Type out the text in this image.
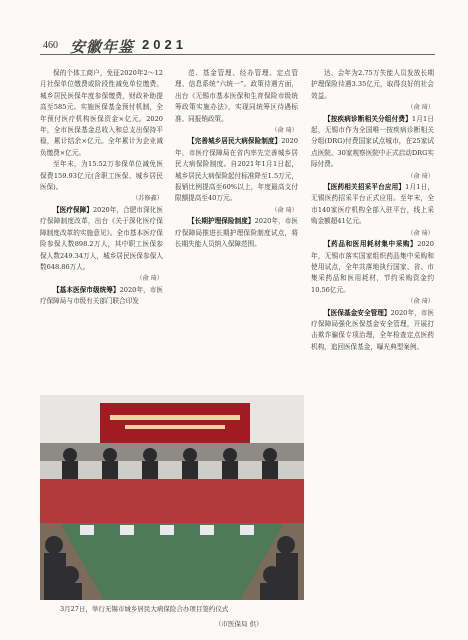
460 安徽年鉴 2021

保的个体工商户，免征2020年2～12月社保单位缴费或阶段性减免单位缴费。城乡居民医保年度参保缴费，财政补助提高至585元。实施医保基金预付机制，全年预付医疗机构医保资金×亿元。2020年，全市医保基金总收入和总支出保持平稳，累计结余×亿元。全年累计为企业减负缴费×亿元。

至年末，为15.52万参保单位减免医保费159.93亿元(含职工医保、城乡居民医保)。

（苏修鑫）

【医疗保障】2020年，合肥市深化医疗保障制度改革，出台《关于深化医疗保障制度改革的实施意见》。全市基本医疗保险参保人数898.2万人，其中职工医保参保人数249.34万人，城乡居民医保参保人数648.86万人。

（俞 琦）

【基本医保市级统筹】2020年，市医疗保障局与市级有关部门联合印发

范、基金管理、经办管理、定点管理、信息系统“六统一”。政策待遇方面，出台《无锡市基本医保和生育保险市级统筹政策实施办法》，实现同统筹区待遇标准、同报销政策。

（俞 琦）

【完善城乡居民大病保险制度】2020年，市医疗保障局在省内率先完善城乡居民大病保险制度。自2021年1月1日起，城乡居民大病保险起付标准降至1.5万元，报销比例提高至60%以上，年度最高支付限额提高至40万元。

（俞 琦）

【长期护理保险制度】2020年，市医疗保障局推进长期护理保险制度试点，将长期失能人员纳入保障范围。

达、会年为2.75万失能人员发放长期护理保险待遇3.35亿元，取得良好的社会效益。

（俞 琦）

【按疾病诊断相关分组付费】1月1日起，无锡市作为全国唯一按疾病诊断相关分组(DRG)付费国家试点城市，在25家试点医院、30家观察医院中正式启动DRG实际付费。

（俞 琦）

【医药相关招采平台应用】1月1日，无锡医药招采平台正式应用。至年末，全市140家医疗机构全部入驻平台，线上采购金额超41亿元。

（俞 琦）

【药品和医用耗材集中采购】2020年，无锡市落实国家组织药品集中采购和使用试点，全年共落地执行国家、省、市集采药品和医用耗材，节约采购资金约10.56亿元。

（俞 琦）

【医保基金安全管理】2020年，市医疗保障局强化医保基金安全管理，开展打击欺诈骗保专项治理，全年检查定点医药机构，追回医保基金，曝光典型案例。

3月27日，举行无锡市城乡居民大病保险合办项目签约仪式
（市医保局 供）
